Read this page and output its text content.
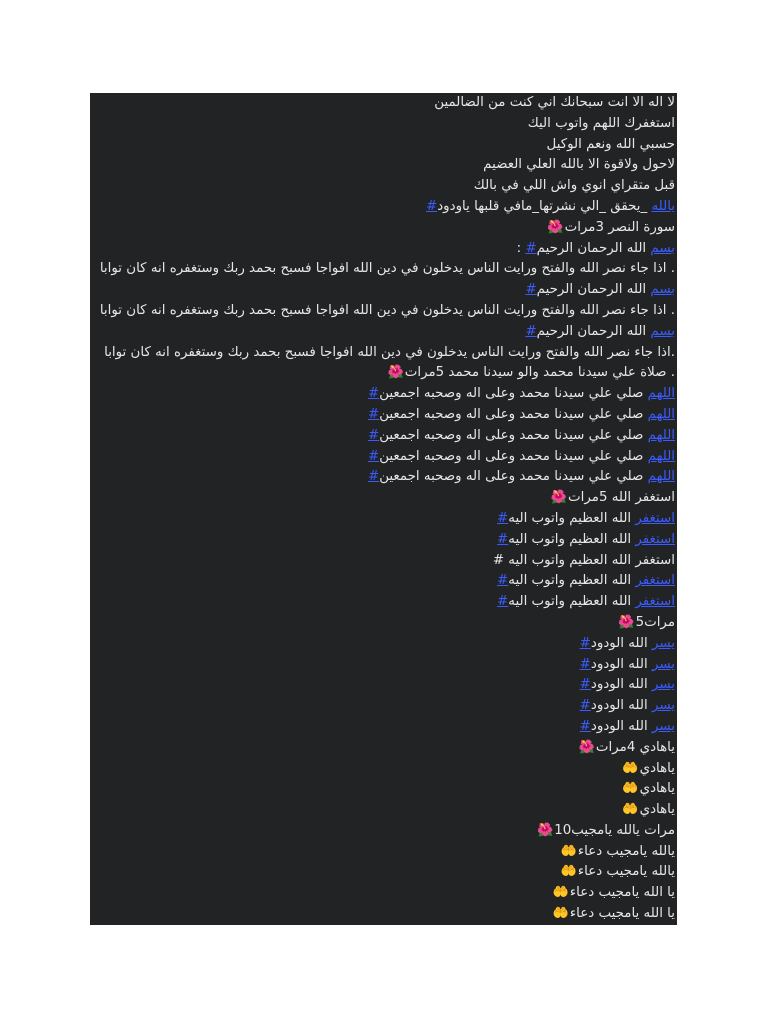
لا اله الا انت سبحانك اني كنت من الضالمين
استغفرك اللهم واتوب اليك
حسبي الله ونعم الوكيل
لاحول ولاقوة الا بالله العلي العضيم
قبل متقراي انوي واش اللي في بالك
يالله _يحقق _الي نشرتها_مافي قلبها ياودود#
سورة النصر 3مرات🌺
بسم الله الرحمان الرحيم# :
. اذا جاء نصر الله والفتح ورايت الناس يدخلون في دين الله افواجا فسبح بحمد ربك وستغفره انه كان توابا
بسم الله الرحمان الرحيم#
. اذا جاء نصر الله والفتح ورايت الناس يدخلون في دين الله افواجا فسبح بحمد ربك وستغفره انه كان توابا
بسم الله الرحمان الرحيم#
.اذا جاء نصر الله والفتح ورايت الناس يدخلون في دين الله افواجا فسبح بحمد ربك وستغفره انه كان توابا
. صلاة علي سيدنا محمد والو سيدنا محمد 5مرات🌺
اللهم صلي علي سيدنا محمد وعلى اله وصحبه اجمعين#
اللهم صلي علي سيدنا محمد وعلى اله وصحبه اجمعين#
اللهم صلي علي سيدنا محمد وعلى اله وصحبه اجمعين#
اللهم صلي علي سيدنا محمد وعلى اله وصحبه اجمعين#
اللهم صلي علي سيدنا محمد وعلى اله وصحبه اجمعين#
استغفر الله 5مرات🌺
استغفر الله العظيم واتوب اليه#
استغفر الله العظيم واتوب اليه#
استغفر الله العظيم واتوب اليه #
استغفر الله العظيم واتوب اليه#
استغفر الله العظيم واتوب اليه#
مرات5🌺
يسر الله الودود#
يسر الله الودود#
يسر الله الودود#
يسر الله الودود#
يسر الله الودود#
ياهادي 4مرات🌺
ياهادي🤲
ياهادي🤲
ياهادي🤲
مرات يالله يامجيب10🌺
يالله يامجيب دعاء🤲
يالله يامجيب دعاء🤲
يا الله يامجيب دعاء🤲
يا الله يامجيب دعاء🤲
